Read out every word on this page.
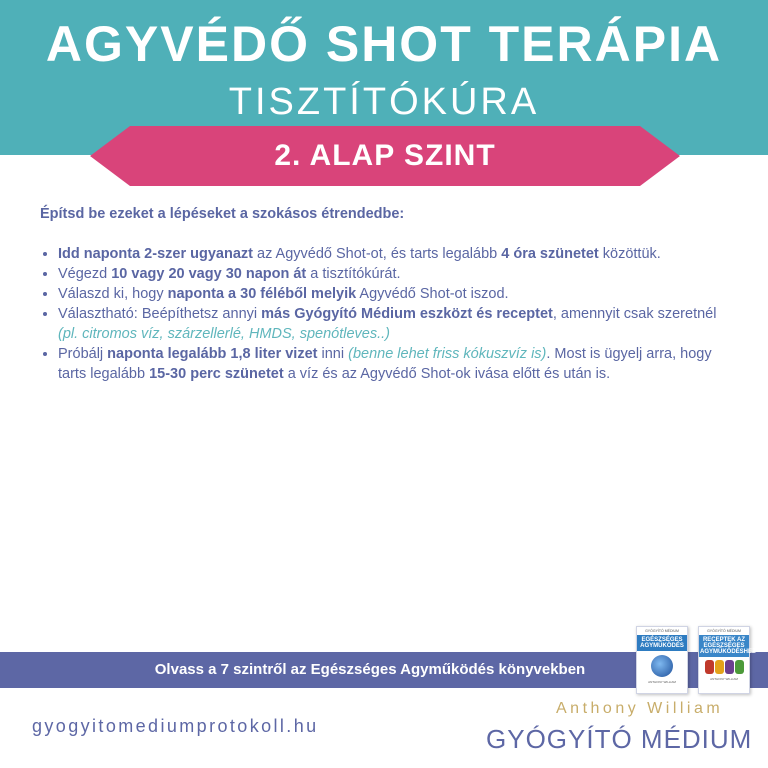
AGYVÉDŐ SHOT TERÁPIA
TISZTÍTÓKÚRA
2. ALAP SZINT

Építsd be ezeket a lépéseket a szokásos étrendedbe:

• Idd naponta 2-szer ugyanazt az Agyvédő Shot-ot, és tarts legalább 4 óra szünetet közöttük.
• Végezd 10 vagy 20 vagy 30 napon át a tisztítókúrát.
• Válaszd ki, hogy naponta a 30 féléből melyik Agyvédő Shot-ot iszod.
• Választható: Beépíthetsz annyi más Gyógyító Médium eszközt és receptet, amennyit csak szeretnél (pl. citromos víz, szárzellerlé, HMDS, spenótleves..)
• Próbálj naponta legalább 1,8 liter vizet inni (benne lehet friss kókuszvíz is). Most is ügyelj arra, hogy tarts legalább 15-30 perc szünetet a víz és az Agyvédő Shot-ok ivása előtt és után is.
Olvass a 7 szintről az Egészséges Agyműködés könyvekben
GYÓGYÍTÓ MÉDIUM
EGÉSZSÉGES AGYMŰKÖDÉS
ANTHONY WILLIAM
GYÓGYÍTÓ MÉDIUM
RECEPTEK AZ EGÉSZSÉGES AGYMŰKÖDÉSHEZ
ANTHONY WILLIAM
gyogyitomediumprotokoll.hu
Anthony William
GYÓGYÍTÓ MÉDIUM
